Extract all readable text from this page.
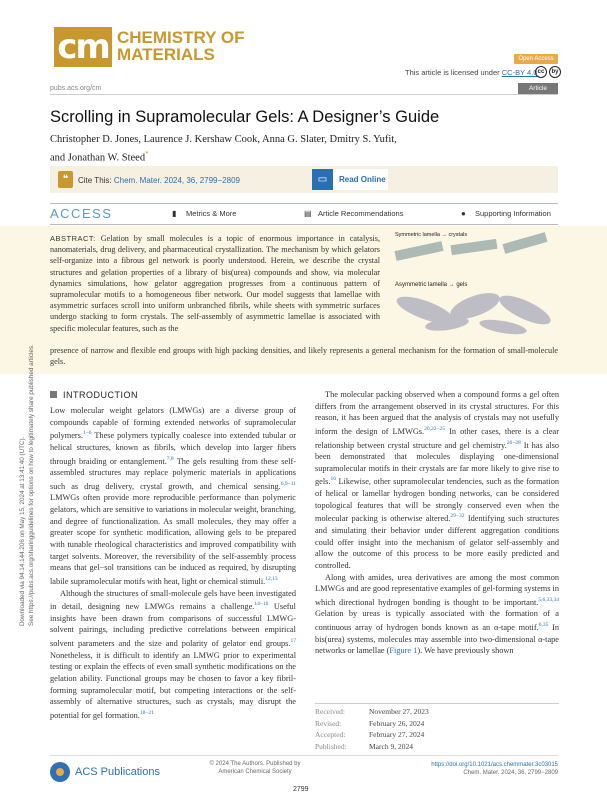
cm CHEMISTRY OF
MATERIALS	Open Access
This article is licensed under CC-BY 4.0 cc	by
pubs.acs.org/cm	Article
Scrolling in Supramolecular Gels: A Designer’s Guide
Christopher D. Jones, Laurence J. Kershaw Cook, Anna G. Slater, Dmitry S. Yufit,
and Jonathan W. Steed*
❝	Cite This: Chem. Mater. 2024, 36, 2799−2809	▭	Read Online
ACCESS	▮	Metrics & More	▤ Article Recommendations	●	Supporting Information
ABSTRACT: Gelation by small molecules is a topic of enormous importance in catalysis, nanomaterials, drug delivery, and pharmaceutical crystallization. The mechanism by which gelators self-organize into a fibrous gel network is poorly understood. Herein, we describe the crystal structures and gelation properties of a library of bis(urea) compounds and show, via molecular dynamics simulations, how gelator aggregation progresses from a continuous pattern of supramolecular motifs to a homogeneous fiber network. Our model suggests that lamellae with asymmetric surfaces scroll into uniform unbranched fibrils, while sheets with symmetric surfaces undergo stacking to form crystals. The self-assembly of asymmetric lamellae is associated with specific molecular features, such as the
presence of narrow and flexible end groups with high packing densities, and likely represents a general mechanism for the formation of small-molecule gels.
Symmetric lamella → crystals
Asymmetric lamella → gels
Downloaded via 94.14.144.206 on May 15, 2024 at 13:41:40 (UTC). See https://pubs.acs.org/sharingguidelines for options on how to legitimately share published articles.	INTRODUCTION

Low molecular weight gelators (LMWGs) are a diverse group of compounds capable of forming extended networks of supramolecular polymers.$^{1-6}$ These polymers typically coalesce into extended tubular or helical structures, known as fibrils, which develop into larger fibers through braiding or entanglement.$^{7,8}$ The gels resulting from these self-assembled structures may replace polymeric materials in applications such as drug delivery, crystal growth, and chemical sensing.$^{6,9-11}$ LMWGs often provide more reproducible performance than polymeric gelators, which are sensitive to variations in molecular weight, branching, and degree of functionalization. As small molecules, they may offer a greater scope for synthetic modification, allowing gels to be prepared with tunable rheological characteristics and improved compatibility with target solvents. Moreover, the reversibility of the self-assembly process means that gel−sol transitions can be induced as required, by disrupting labile supramolecular motifs with heat, light or chemical stimuli.$^{12,13}$

Although the structures of small-molecule gels have been investigated in detail, designing new LMWGs remains a challenge.$^{14-16}$ Useful insights have been drawn from comparisons of successful LMWG-solvent pairings, including predictive correlations between empirical solvent parameters and the size and polarity of gelator end groups.$^{17}$ Nonetheless, it is difficult to identify an LMWG prior to experimental testing or explain the effects of even small synthetic modifications on the gelation ability. Functional groups may be chosen to favor a key fibril-forming supramolecular motif, but competing interactions or the self-assembly of alternative structures, such as crystals, may disrupt the potential for gel formation.$^{18-21}$

The molecular packing observed when a compound forms a gel often differs from the arrangement observed in its crystal structures. For this reason, it has been argued that the analysis of crystals may not usefully inform the design of LMWGs.$^{20,22-25}$ In other cases, there is a clear relationship between crystal structure and gel chemistry.$^{26-28}$ It has also been demonstrated that molecules displaying one-dimensional supramolecular motifs in their crystals are far more likely to give rise to gels.$^{16}$ Likewise, other supramolecular tendencies, such as the formation of helical or lamellar hydrogen bonding networks, can be considered topological features that will be strongly conserved even when the molecular packing is otherwise altered.$^{29-32}$ Identifying such structures and simulating their behavior under different aggregation conditions could offer insight into the mechanism of gelator self-assembly and allow the outcome of this process to be more easily predicted and controlled.

Along with amides, urea derivatives are among the most common LMWGs and are good representative examples of gel-forming systems in which directional hydrogen bonding is thought to be important.$^{5,6,33,34}$ Gelation by ureas is typically associated with the formation of a continuous array of hydrogen bonds known as an α-tape motif.$^{6,35}$ In bis(urea) systems, molecules may assemble into two-dimensional α-tape networks or lamellae (Figure 1). We have previously shown

Received:	November 27, 2023
Revised:	February 26, 2024
Accepted:	February 27, 2024
Published:	March 9, 2024
ACS Publications
© 2024 The Authors. Published by
American Chemical Society
2799
https://doi.org/10.1021/acs.chemmater.3c03015
Chem. Mater. 2024, 36, 2799−2809
